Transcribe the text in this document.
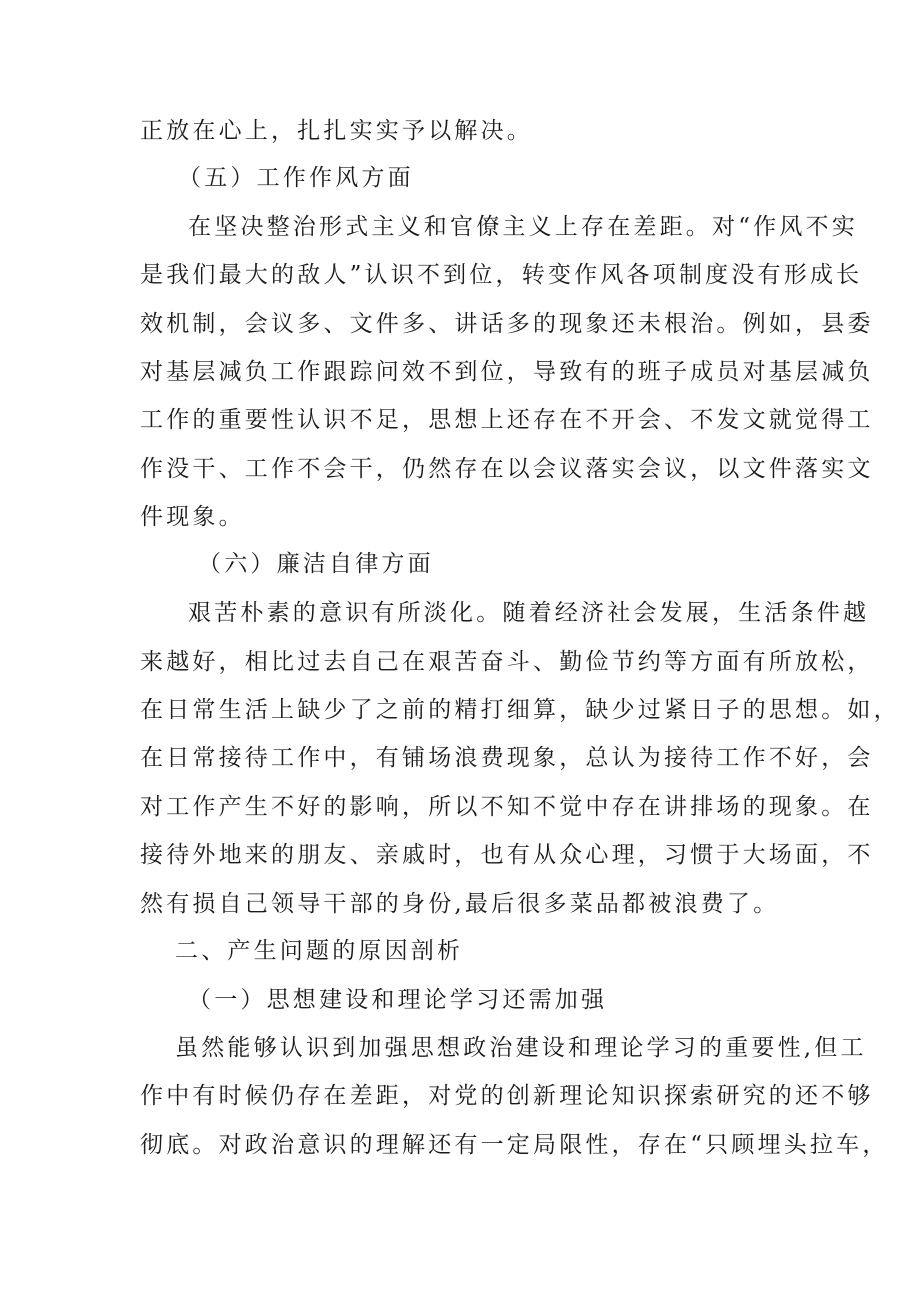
正放在心上，扎扎实实予以解决。
（五）工作作风方面
在坚决整治形式主义和官僚主义上存在差距。对“作风不实
是我们最大的敌人”认识不到位，转变作风各项制度没有形成长
效机制，会议多、文件多、讲话多的现象还未根治。例如，县委
对基层减负工作跟踪问效不到位，导致有的班子成员对基层减负
工作的重要性认识不足，思想上还存在不开会、不发文就觉得工
作没干、工作不会干，仍然存在以会议落实会议，以文件落实文
件现象。
（六）廉洁自律方面
艰苦朴素的意识有所淡化。随着经济社会发展，生活条件越
来越好，相比过去自己在艰苦奋斗、勤俭节约等方面有所放松，
在日常生活上缺少了之前的精打细算，缺少过紧日子的思想。如，
在日常接待工作中，有铺场浪费现象，总认为接待工作不好，会
对工作产生不好的影响，所以不知不觉中存在讲排场的现象。在
接待外地来的朋友、亲戚时，也有从众心理，习惯于大场面，不
然有损自己领导干部的身份,最后很多菜品都被浪费了。
二、产生问题的原因剖析
（一）思想建设和理论学习还需加强
虽然能够认识到加强思想政治建设和理论学习的重要性,但工
作中有时候仍存在差距，对党的创新理论知识探索研究的还不够
彻底。对政治意识的理解还有一定局限性，存在“只顾埋头拉车，
